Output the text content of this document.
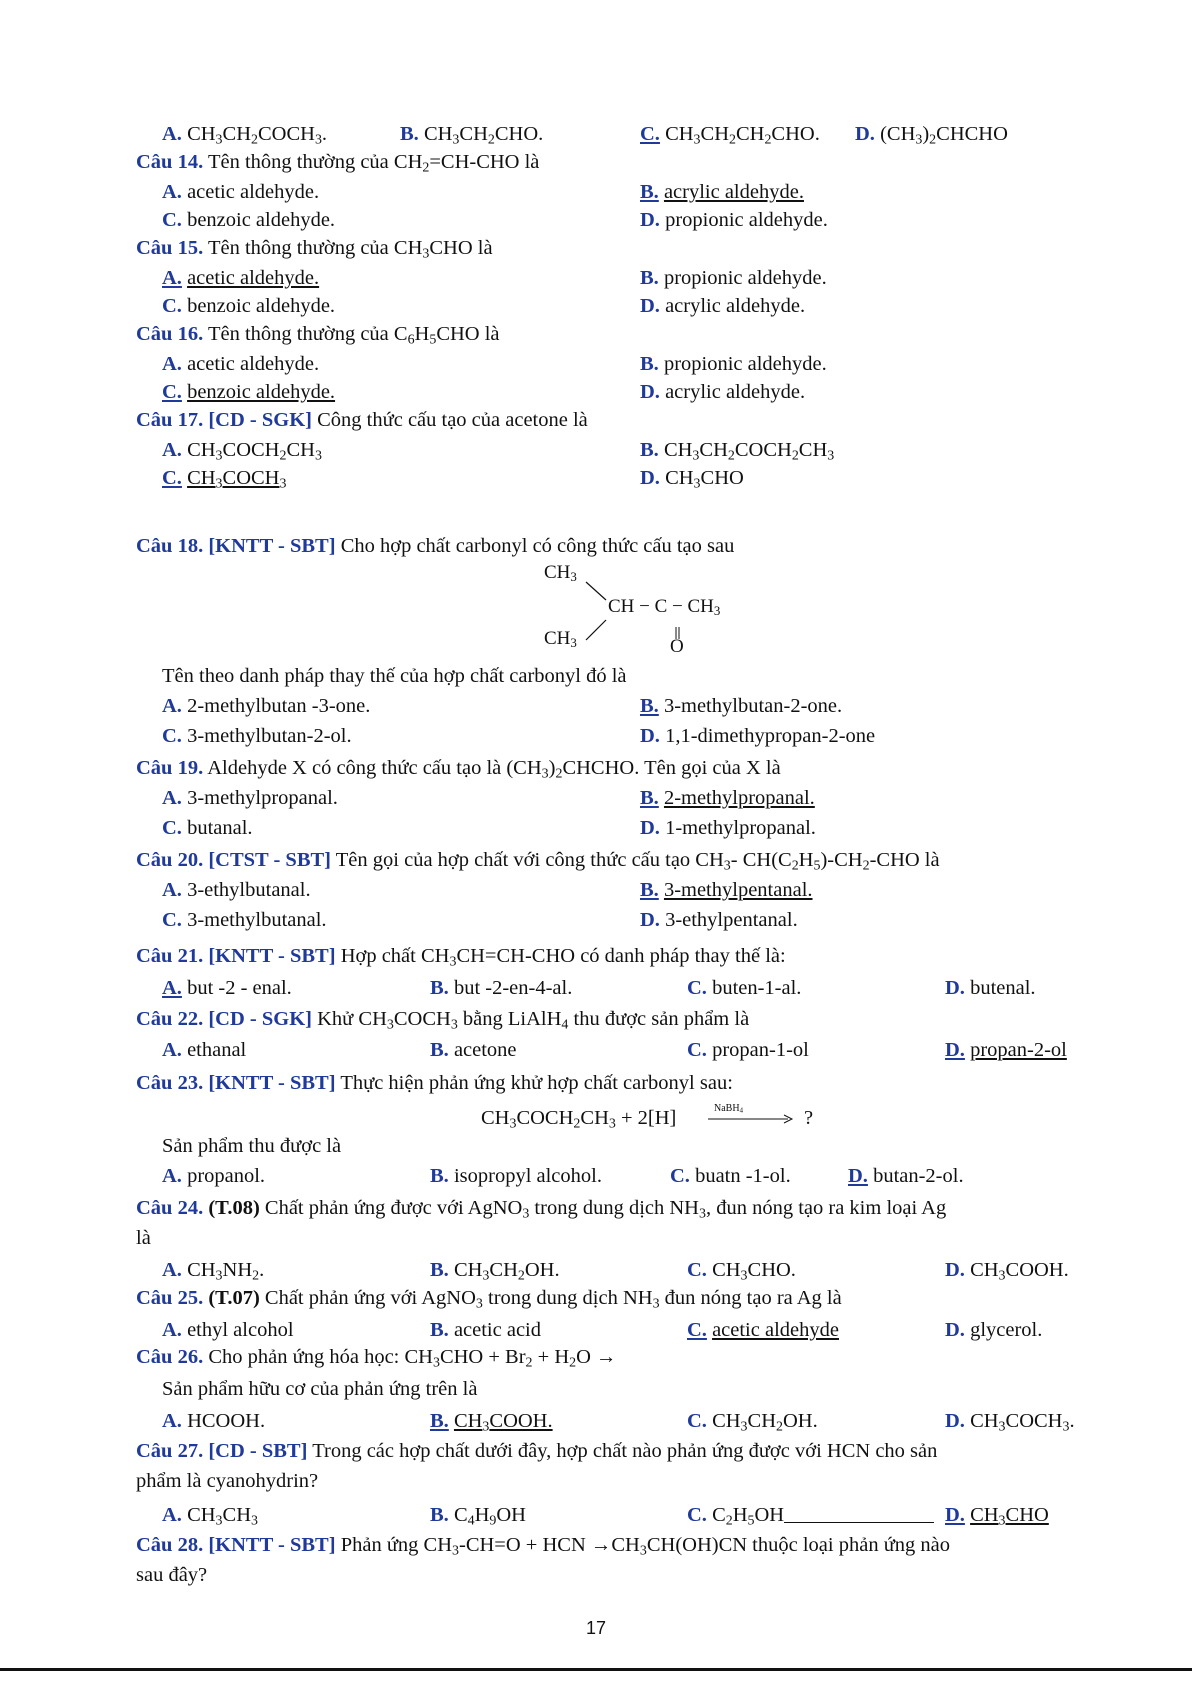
A. $CH_3CH_2COCH_3$.	B. $CH_3CH_2CHO$.	C. $CH_3CH_2CH_2CHO$. D. $(CH_3)_2CHCHO$
Câu 14. Tên thông thường của $CH_2=CH$-CHO là
A. acetic aldehyde.	B. acrylic aldehyde.
C. benzoic aldehyde.	D. propionic aldehyde.
Câu 15. Tên thông thường của $CH_3CHO$ là
A. acetic aldehyde.	B. propionic aldehyde.
C. benzoic aldehyde.	D. acrylic aldehyde.
Câu 16. Tên thông thường của $C_6H_5CHO$ là
A. acetic aldehyde.	B. propionic aldehyde.
C. benzoic aldehyde.	D. acrylic aldehyde.
Câu 17. [CD - SGK] Công thức cấu tạo của acetone là
A. $CH_3COCH_2CH_3$	B. $CH_3CH_2COCH_2CH_3$
C. $CH_3COCH_3$	D. $CH_3CHO$
Câu 18. [KNTT - SBT] Cho hợp chất carbonyl có công thức cấu tạo sau
$CH_3$
$CH_3$
CH − $C - CH_3$
O
Tên theo danh pháp thay thế của hợp chất carbonyl đó là
A. 2-methylbutan -3-one.	B. 3-methylbutan-2-one.
C. 3-methylbutan-2-ol.	D. 1,1-dimethypropan-2-one
Câu 19. Aldehyde X có công thức cấu tạo là $(CH_3)_2CHCHO$. Tên gọi của X là
A. 3-methylpropanal.	B. 2-methylpropanal.
C. butanal.	D. 1-methylpropanal.
Câu 20. [CTST - SBT] Tên gọi của hợp chất với công thức cấu tạo $CH_3-$ $CH(C_2H_5)-CH_2$-CHO là
A. 3-ethylbutanal.	B. 3-methylpentanal.
C. 3-methylbutanal.	D. 3-ethylpentanal.
Câu 21. [KNTT - SBT] Hợp chất $CH_3CH=CH$-CHO có danh pháp thay thế là:
A. but -2 - enal.	B. but -2-en-4-al.	C. buten-1-al.	D. butenal.
Câu 22. [CD - SGK] Khử $CH_3COCH_3$ bằng LiAlH$_4$ thu được sản phẩm là
A. ethanal	B. acetone	C. propan-1-ol	D. propan-2-ol
Câu 23. [KNTT - SBT] Thực hiện phản ứng khử hợp chất carbonyl sau:
$CH_3COCH_2CH_3 + 2[H]$	NaBH$_4$	?
Sản phẩm thu được là
A. propanol.	B. isopropyl alcohol.	C. buatn -1-ol.	D. butan-2-ol.
Câu 24. (T.08) Chất phản ứng được với AgNO$_3$ trong dung dịch $NH_3$, đun nóng tạo ra kim loại Ag
là
A. $CH_3NH_2$.	B. $CH_3CH_2OH$.	C. $CH_3CHO$.	D. $CH_3COOH$.
Câu 25. (T.07) Chất phản ứng với AgNO$_3$ trong dung dịch $NH_3$ đun nóng tạo ra Ag là
A. ethyl alcohol	B. acetic acid	C. acetic aldehyde	D. glycerol.
Câu 26. Cho phản ứng hóa học: $CH_3CHO + Br_2 + H_2O$ →
Sản phẩm hữu cơ của phản ứng trên là
A. HCOOH.	B. $CH_3COOH$.	C. $CH_3CH_2OH$.	D. $CH_3COCH_3$.
Câu 27. [CD - SBT] Trong các hợp chất dưới đây, hợp chất nào phản ứng được với HCN cho sản
phẩm là cyanohydrin?
A. $CH_3CH_3$	B. $C_4H_9OH$	C. $C_2H_5OH$	D. $CH_3CHO$
Câu 28. [KNTT - SBT] Phản ứng $CH_3-CH=O$ + HCN $\to CH_3CH(OH)CN$ thuộc loại phản ứng nào
sau đây?
17
